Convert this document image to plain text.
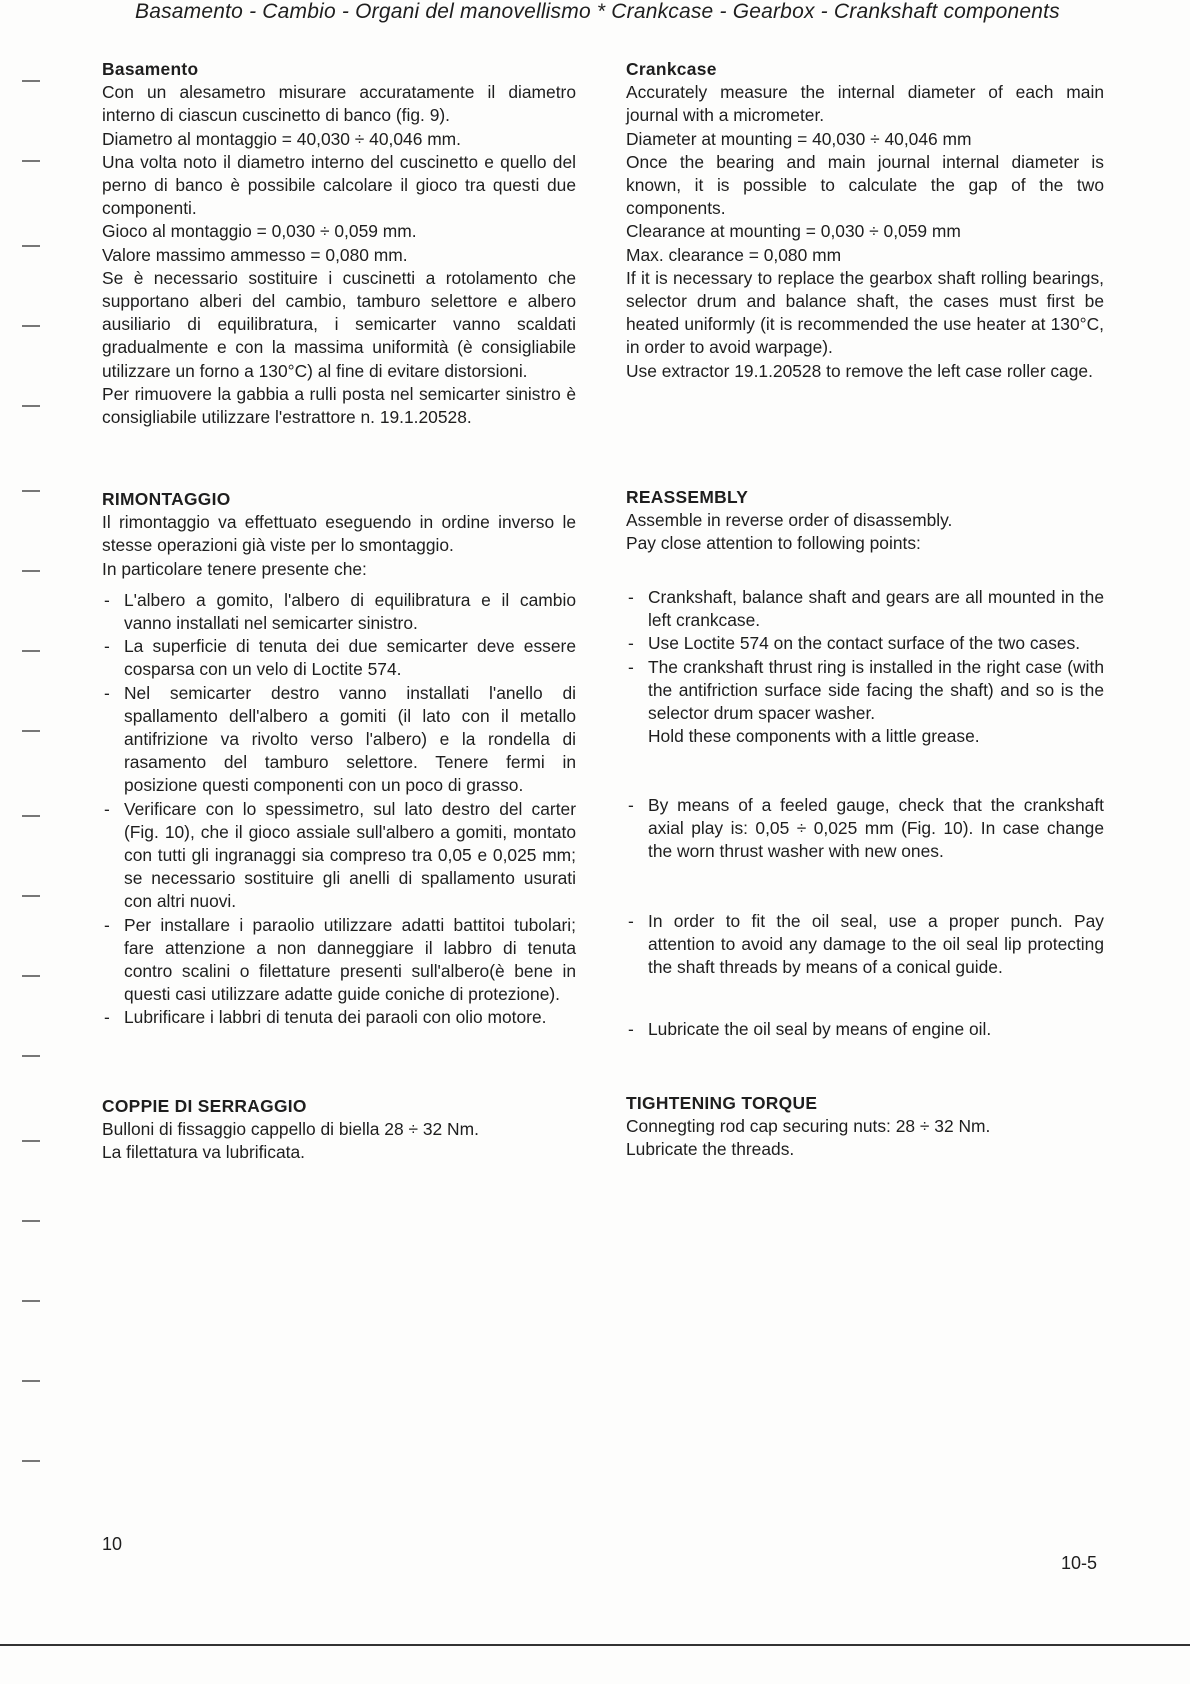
Basamento - Cambio - Organi del manovellismo * Crankcase - Gearbox - Crankshaft components
Basamento
Con un alesametro misurare accuratamente il diametro interno di ciascun cuscinetto di banco (fig. 9).
Diametro al montaggio = 40,030 ÷ 40,046 mm.
Una volta noto il diametro interno del cuscinetto e quello del perno di banco è possibile calcolare il gioco tra questi due componenti.
Gioco al montaggio = 0,030 ÷ 0,059 mm.
Valore massimo ammesso = 0,080 mm.
Se è necessario sostituire i cuscinetti a rotolamento che supportano alberi del cambio, tamburo selettore e albero ausiliario di equilibratura, i semicarter vanno scaldati gradualmente e con la massima uniformità (è consigliabile utilizzare un forno a 130°C) al fine di evitare distorsioni.
Per rimuovere la gabbia a rulli posta nel semicarter sinistro è consigliabile utilizzare l'estrattore n. 19.1.20528.
RIMONTAGGIO
Il rimontaggio va effettuato eseguendo in ordine inverso le stesse operazioni già viste per lo smontaggio.
In particolare tenere presente che:
- L'albero a gomito, l'albero di equilibratura e il cambio vanno installati nel semicarter sinistro.
- La superficie di tenuta dei due semicarter deve essere cosparsa con un velo di Loctite 574.
- Nel semicarter destro vanno installati l'anello di spallamento dell'albero a gomiti (il lato con il metallo antifrizione va rivolto verso l'albero) e la rondella di rasamento del tamburo selettore. Tenere fermi in posizione questi componenti con un poco di grasso.
- Verificare con lo spessimetro, sul lato destro del carter (Fig. 10), che il gioco assiale sull'albero a gomiti, montato con tutti gli ingranaggi sia compreso tra 0,05 e 0,025 mm; se necessario sostituire gli anelli di spallamento usurati con altri nuovi.
- Per installare i paraolio utilizzare adatti battitoi tubolari; fare attenzione a non danneggiare il labbro di tenuta contro scalini o filettature presenti sull'albero(è bene in questi casi utilizzare adatte guide coniche di protezione).
- Lubrificare i labbri di tenuta dei paraoli con olio motore.
COPPIE DI SERRAGGIO
Bulloni di fissaggio cappello di biella 28 ÷ 32 Nm.
La filettatura va lubrificata.
Crankcase
Accurately measure the internal diameter of each main journal with a micrometer.
Diameter at mounting = 40,030 ÷ 40,046 mm
Once the bearing and main journal internal diameter is known, it is possible to calculate the gap of the two components.
Clearance at mounting = 0,030 ÷ 0,059 mm
Max. clearance = 0,080 mm
If it is necessary to replace the gearbox shaft rolling bearings, selector drum and balance shaft, the cases must first be heated uniformly (it is recommended the use heater at 130°C, in order to avoid warpage).
Use extractor 19.1.20528 to remove the left case roller cage.
REASSEMBLY
Assemble in reverse order of disassembly.
Pay close attention to following points:
- Crankshaft, balance shaft and gears are all mounted in the left crankcase.
- Use Loctite 574 on the contact surface of the two cases.
- The crankshaft thrust ring is installed in the right case (with the antifriction surface side facing the shaft) and so is the selector drum spacer washer.
Hold these components with a little grease.
- By means of a feeled gauge, check that the crankshaft axial play is: 0,05 ÷ 0,025 mm (Fig. 10). In case change the worn thrust washer with new ones.
- In order to fit the oil seal, use a proper punch. Pay attention to avoid any damage to the oil seal lip protecting the shaft threads by means of a conical guide.
- Lubricate the oil seal by means of engine oil.
TIGHTENING TORQUE
Connegting rod cap securing nuts: 28 ÷ 32 Nm.
Lubricate the threads.
10
10-5
